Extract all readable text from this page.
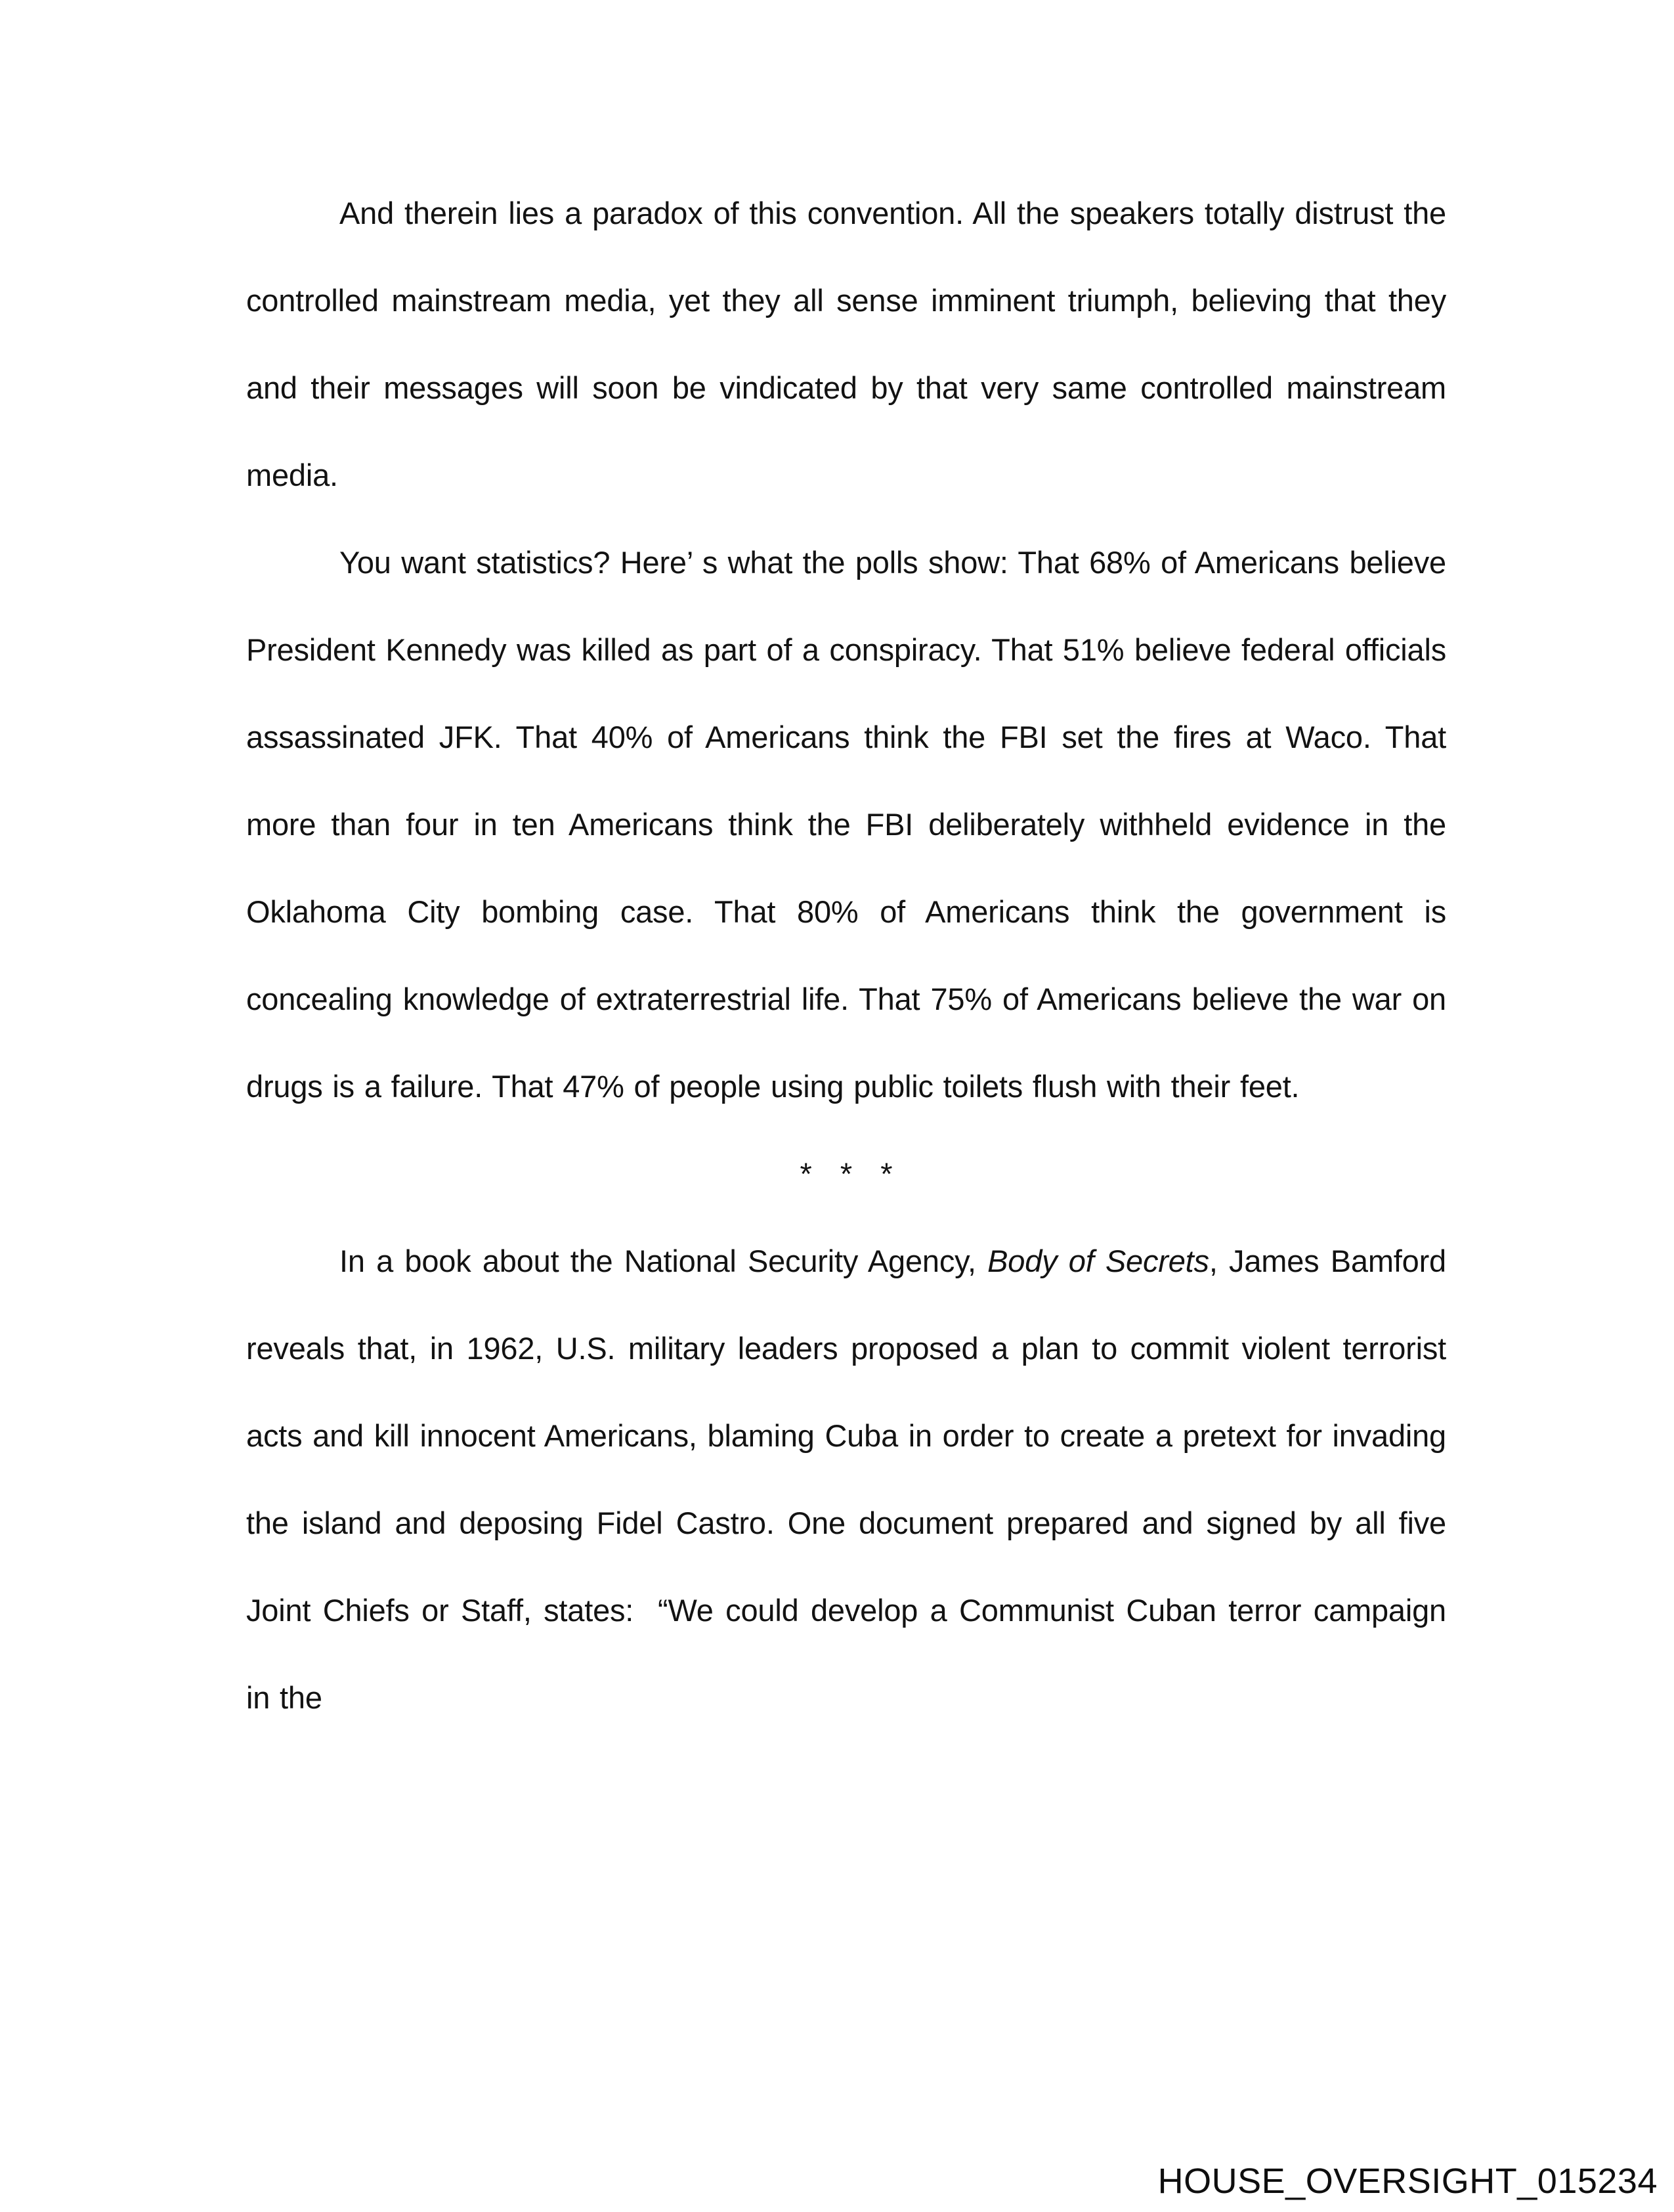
And therein lies a paradox of this convention. All the speakers totally distrust the controlled mainstream media, yet they all sense imminent triumph, believing that they and their messages will soon be vindicated by that very same controlled mainstream media.

You want statistics? Here’ s what the polls show: That 68% of Americans believe President Kennedy was killed as part of a conspiracy. That 51% believe federal officials assassinated JFK. That 40% of Americans think the FBI set the fires at Waco. That more than four in ten Americans think the FBI deliberately withheld evidence in the Oklahoma City bombing case. That 80% of Americans think the government is concealing knowledge of extraterrestrial life. That 75% of Americans believe the war on drugs is a failure. That 47% of people using public toilets flush with their feet.

* * *

In a book about the National Security Agency, Body of Secrets, James Bamford reveals that, in 1962, U.S. military leaders proposed a plan to commit violent terrorist acts and kill innocent Americans, blaming Cuba in order to create a pretext for invading the island and deposing Fidel Castro. One document prepared and signed by all five Joint Chiefs or Staff, states:  “We could develop a Communist Cuban terror campaign in the

HOUSE_OVERSIGHT_015234
